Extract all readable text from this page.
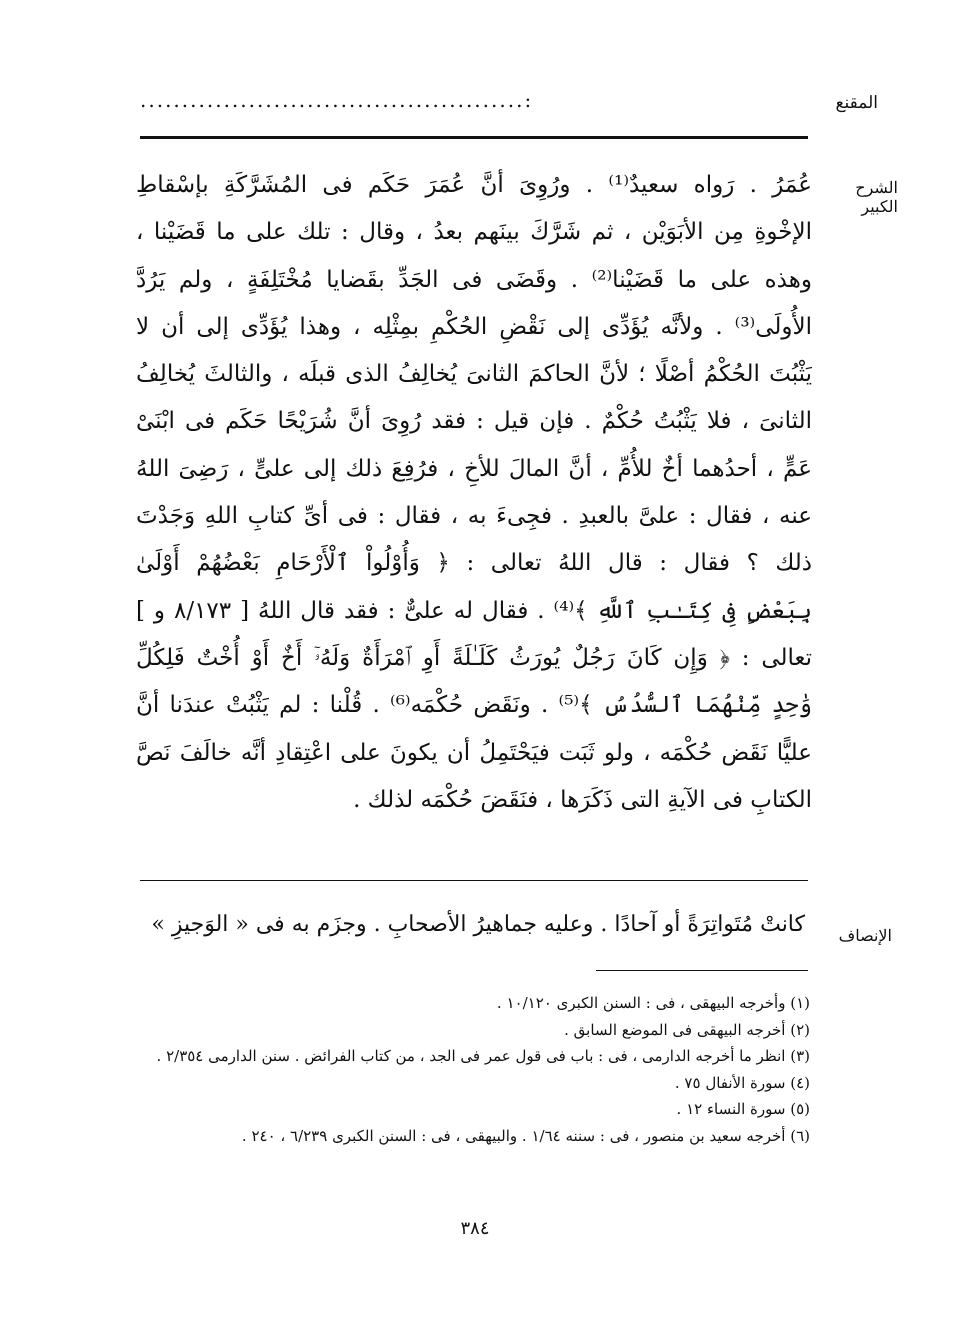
المقنع
..............................................:
الشرح الكبير
عُمَرُ . رَواه سعيدٌ⁽¹⁾ . ورُوِىَ أنَّ عُمَرَ حَكَم فى المُشَرَّكَةِ بإسْقاطِ
الإخْوةِ مِن الأبَوَيْن ، ثم شَرَّكَ بينَهم بعدُ ، وقال : تلك على ما قَضَيْنا ،
وهذه على ما قَضَيْنا⁽²⁾ . وقَضَى فى الجَدِّ بقَضايا مُخْتَلِفَةٍ ، ولم يَرُدَّ
الأُولَى⁽³⁾ . ولأنَّه يُؤَدِّى إلى نَقْضِ الحُكْمِ بمِثْلِه ، وهذا يُؤَدِّى إلى أن لا
يَثْبُتَ الحُكْمُ أصْلًا ؛ لأنَّ الحاكمَ الثانىَ يُخالِفُ الذى قبلَه ، والثالثَ يُخالِفُ
الثانىَ ، فلا يَثْبُتُ حُكْمٌ . فإن قيل : فقد رُوِىَ أنَّ شُرَيْحًا حَكَم فى ابْنَىْ
عَمٍّ ، أحدُهما أخٌ للأُمِّ ، أنَّ المالَ للأخِ ، فرُفِعَ ذلك إلى علىٍّ ، رَضِىَ اللهُ
عنه ، فقال : علىَّ بالعبدِ . فجِىءَ به ، فقال : فى أىِّ كتابِ اللهِ وَجَدْتَ
ذلك ؟ فقال : قال اللهُ تعالى : ﴿ وَأُوْلُواْ ٱلْأَرْحَامِ بَعْضُهُمْ أَوْلَىٰ
بِبَعْضٍ فِى كِتَـٰبِ ٱللَّهِ ﴾⁽⁴⁾ . فقال له علىٌّ : فقد قال اللهُ [ ٨/١٧٣ و ]
تعالى : ﴿ وَإِن كَانَ رَجُلٌ يُورَثُ كَلَـٰلَةً أَوِ ٱمْرَأَةٌ وَلَهُۥٓ أَخٌ أَوْ أُخْتٌ فَلِكُلِّ
وَٰحِدٍ مِّنْهُمَا ٱلسُّدُسُ ﴾⁽⁵⁾ . ونَقَض حُكْمَه⁽⁶⁾ . قُلْنا : لم يَثْبُتْ عندَنا أنَّ
عليًّا نَقَض حُكْمَه ، ولو ثَبَت فيَحْتَمِلُ أن يكونَ على اعْتِقادِ أنَّه خالَفَ نَصَّ
الكتابِ فى الآيةِ التى ذَكَرَها ، فنَقَضَ حُكْمَه لذلك .
الإنصاف
كانتْ مُتَواتِرَةً أو آحادًا . وعليه جماهيرُ الأصحابِ . وجزَم به فى « الوَجيزِ »
(١) وأخرجه البيهقى ، فى : السنن الكبرى ١٠/١٢٠ .
(٢) أخرجه البيهقى فى الموضع السابق .
(٣) انظر ما أخرجه الدارمى ، فى : باب فى قول عمر فى الجد ، من كتاب الفرائض . سنن الدارمى ٢/٣٥٤ .
(٤) سورة الأنفال ٧٥ .
(٥) سورة النساء ١٢ .
(٦) أخرجه سعيد بن منصور ، فى : سننه ١/٦٤ . والبيهقى ، فى : السنن الكبرى ٦/٢٣٩ ، ٢٤٠ .
٣٨٤
